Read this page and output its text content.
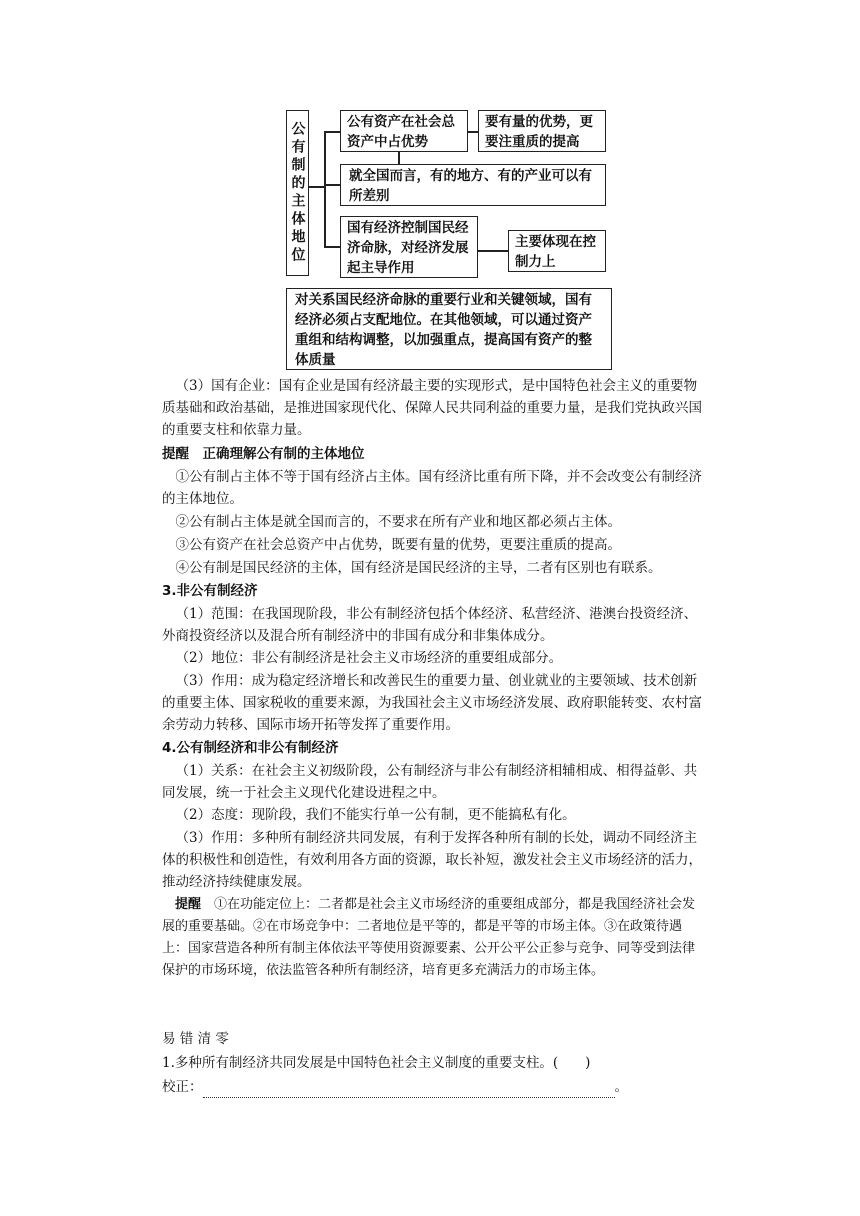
公有制的主体地位	公有资产在社会总资产中占优势
要有量的优势，更要注重质的提高
就全国而言，有的地方、有的产业可以有所差别
国有经济控制国民经济命脉，对经济发展起主导作用
主要体现在控制力上
对关系国民经济命脉的重要行业和关键领域，国有经济必须占支配地位。在其他领域，可以通过资产重组和结构调整，以加强重点，提高国有资产的整体质量
（3）国有企业：国有企业是国有经济最主要的实现形式，是中国特色社会主义的重要物质基础和政治基础，是推进国家现代化、保障人民共同利益的重要力量，是我们党执政兴国的重要支柱和依靠力量。
提醒　正确理解公有制的主体地位
①公有制占主体不等于国有经济占主体。国有经济比重有所下降，并不会改变公有制经济的主体地位。
②公有制占主体是就全国而言的，不要求在所有产业和地区都必须占主体。
③公有资产在社会总资产中占优势，既要有量的优势，更要注重质的提高。
④公有制是国民经济的主体，国有经济是国民经济的主导，二者有区别也有联系。
3.非公有制经济
（1）范围：在我国现阶段，非公有制经济包括个体经济、私营经济、港澳台投资经济、外商投资经济以及混合所有制经济中的非国有成分和非集体成分。
（2）地位：非公有制经济是社会主义市场经济的重要组成部分。
（3）作用：成为稳定经济增长和改善民生的重要力量、创业就业的主要领域、技术创新的重要主体、国家税收的重要来源，为我国社会主义市场经济发展、政府职能转变、农村富余劳动力转移、国际市场开拓等发挥了重要作用。
4.公有制经济和非公有制经济
（1）关系：在社会主义初级阶段，公有制经济与非公有制经济相辅相成、相得益彰、共同发展，统一于社会主义现代化建设进程之中。
（2）态度：现阶段，我们不能实行单一公有制，更不能搞私有化。
（3）作用：多种所有制经济共同发展，有利于发挥各种所有制的长处，调动不同经济主体的积极性和创造性，有效利用各方面的资源，取长补短，激发社会主义市场经济的活力，推动经济持续健康发展。
提醒　 ①在功能定位上：二者都是社会主义市场经济的重要组成部分，都是我国经济社会发展的重要基础。②在市场竞争中：二者地位是平等的，都是平等的市场主体。③在政策待遇上：国家营造各种所有制主体依法平等使用资源要素、公开公平公正参与竞争、同等受到法律保护的市场环境，依法监管各种所有制经济，培育更多充满活力的市场主体。
易 错 清 零
1.多种所有制经济共同发展是中国特色社会主义制度的重要支柱。(　　)
校正：	。
